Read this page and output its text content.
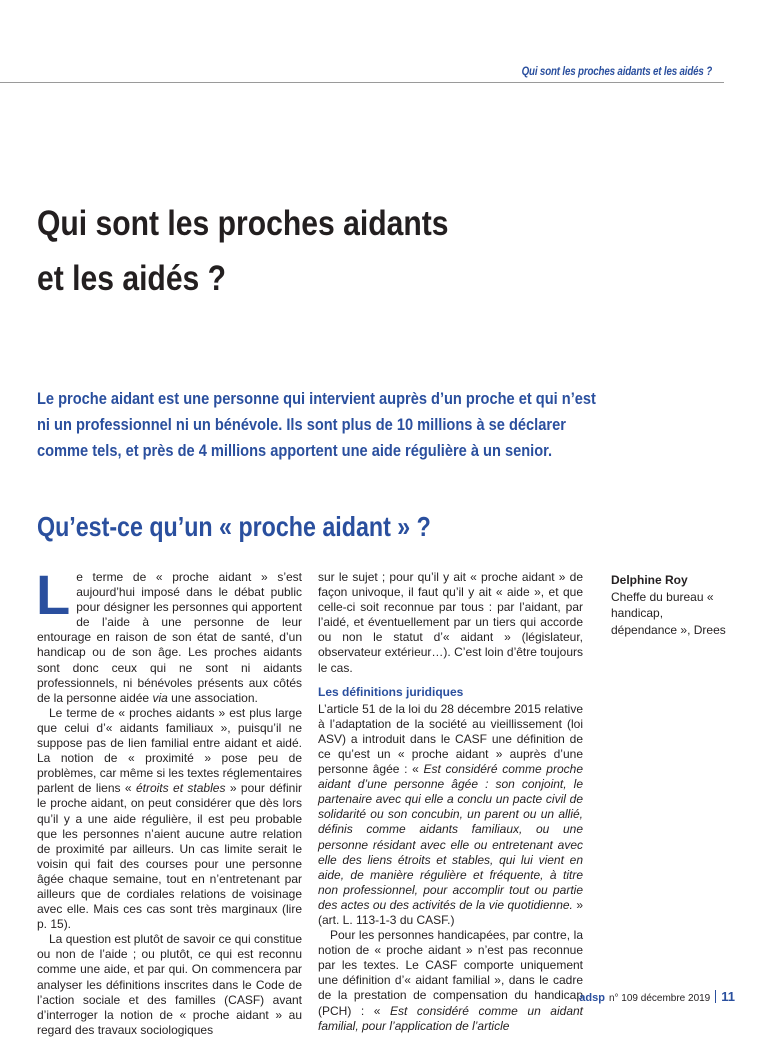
Qui sont les proches aidants et les aidés ?
Qui sont les proches aidants
et les aidés ?

Le proche aidant est une personne qui intervient auprès d’un proche et qui n’est ni un professionnel ni un bénévole. Ils sont plus de 10 millions à se déclarer comme tels, et près de 4 millions apportent une aide régulière à un senior.

Qu’est-ce qu’un « proche aidant » ?

Le terme de « proche aidant » s’est aujourd’hui imposé dans le débat public pour désigner les personnes qui apportent de l’aide à une personne de leur entourage en raison de son état de santé, d’un handicap ou de son âge. Les proches aidants sont donc ceux qui ne sont ni aidants professionnels, ni bénévoles présents aux côtés de la personne aidée via une association.

Le terme de « proches aidants » est plus large que celui d’« aidants familiaux », puisqu’il ne suppose pas de lien familial entre aidant et aidé. La notion de « proximité » pose peu de problèmes, car même si les textes réglementaires parlent de liens « étroits et stables » pour définir le proche aidant, on peut considérer que dès lors qu’il y a une aide régulière, il est peu probable que les personnes n’aient aucune autre relation de proximité par ailleurs. Un cas limite serait le voisin qui fait des courses pour une personne âgée chaque semaine, tout en n’entretenant par ailleurs que de cordiales relations de voisinage avec elle. Mais ces cas sont très marginaux (lire p. 15).

La question est plutôt de savoir ce qui constitue ou non de l’aide ; ou plutôt, ce qui est reconnu comme une aide, et par qui. On commencera par analyser les définitions inscrites dans le Code de l’action sociale et des familles (CASF) avant d’interroger la notion de « proche aidant » au regard des travaux sociologiques

sur le sujet ; pour qu’il y ait « proche aidant » de façon univoque, il faut qu’il y ait « aide », et que celle-ci soit reconnue par tous : par l’aidant, par l’aidé, et éventuellement par un tiers qui accorde ou non le statut d’« aidant » (législateur, observateur extérieur…). C’est loin d’être toujours le cas.

Les définitions juridiques

L’article 51 de la loi du 28 décembre 2015 relative à l’adaptation de la société au vieillissement (loi ASV) a introduit dans le CASF une définition de ce qu’est un « proche aidant » auprès d’une personne âgée : « Est considéré comme proche aidant d’une personne âgée : son conjoint, le partenaire avec qui elle a conclu un pacte civil de solidarité ou son concubin, un parent ou un allié, définis comme aidants familiaux, ou une personne résidant avec elle ou entretenant avec elle des liens étroits et stables, qui lui vient en aide, de manière régulière et fréquente, à titre non professionnel, pour accomplir tout ou partie des actes ou des activités de la vie quotidienne. » (art. L. 113-1-3 du CASF.)

Pour les personnes handicapées, par contre, la notion de « proche aidant » n’est pas reconnue par les textes. Le CASF comporte uniquement une définition d’« aidant familial », dans le cadre de la prestation de compensation du handicap (PCH) : « Est considéré comme un aidant familial, pour l’application de l’article

Delphine Roy
Cheffe du bureau « handicap, dépendance », Drees
adsp n° 109 décembre 2019 11
